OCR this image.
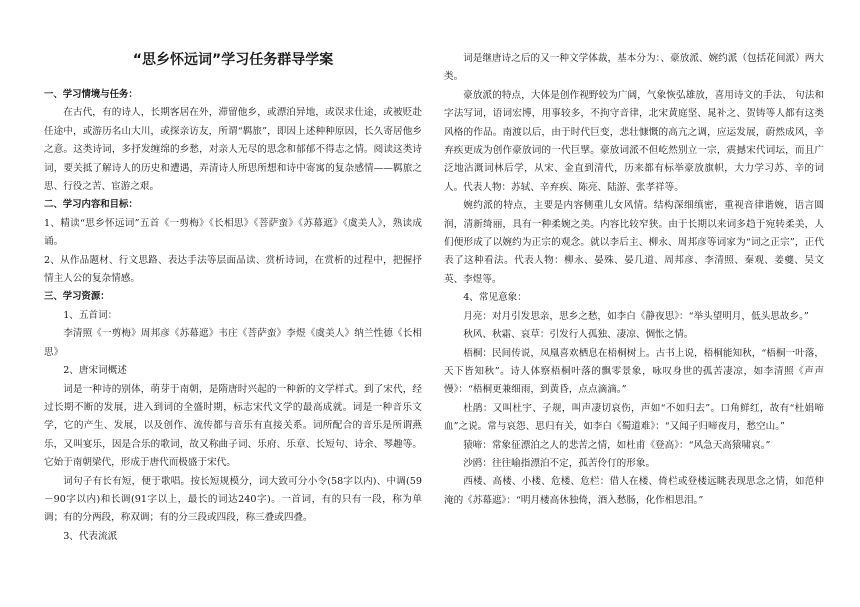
“思乡怀远词”学习任务群导学案

一、学习情境与任务：

在古代，有的诗人，长期客居在外，滞留他乡，或漂泊异地，或误求仕途，或被贬赴任途中，或游历名山大川，或探亲访友，所谓“羁旅”，即因上述种种原因，长久寄居他乡之意。这类诗词，多抒发缠绵的乡愁，对亲人无尽的思念和郁郁不得志之情。阅读这类诗词，要关抵了解诗人的历史和遭遇，弄清诗人所思所想和诗中寄寓的复杂感情——羁旅之思、行役之苦、宦游之艰。

二、学习内容和目标：

1、精读“思乡怀远词”五首《一剪梅》《长相思》《菩萨蛮》《苏幕遮》《虞美人》，熟读成诵。

2、从作品题材、行文思路、表达手法等层面品读、赏析诗词，在赏析的过程中，把握抒情主人公的复杂情感。

三、学习资源：

1、五首词：

李清照《一剪梅》周邦彦《苏幕遮》韦庄《菩萨蛮》李煜《虞美人》纳兰性德《长相思》

2、唐宋词概述

词是一种诗的别体，萌芽于南朝，是隋唐时兴起的一种新的文学样式。到了宋代，经过长期不断的发展，进入到词的全盛时期，标志宋代文学的最高成就。词是一种音乐文学，它的产生、发展，以及创作、流传都与音乐有直接关系。词所配合的音乐是所谓燕乐，又叫宴乐，因是合乐的歌词，故又称曲子词、乐府、乐章、长短句、诗余、琴趣等。它始于南朝梁代，形成于唐代而极盛于宋代。

词句子有长有短，便于歌唱。按长短规模分，词大致可分小令(58字以内)、中调(59－90字以内)和长调(91字以上，最长的词达240字)。一首词，有的只有一段，称为单调；有的分两段，称双调；有的分三段或四段，称三叠或四叠。

3、代表流派

词是继唐诗之后的又一种文学体裁，基本分为：、豪放派、婉约派（包括花间派）两大类。

豪放派的特点，大体是创作视野较为广阔，气象恢弘雄放，喜用诗文的手法、 句法和字法写词，语词宏博，用事较多，不拘守音律，北宋黄庭坚、晁补之、贺铸等人都有这类风格的作品。南渡以后，由于时代巨变，悲壮慷慨的高亢之调，应运发展，蔚然成风，辛弃疾更成为创作豪放词的一代巨擘。豪放词派不但屹然别立一宗，震撼宋代词坛，而且广泛地沾溉词林后学，从宋、金直到清代，历来都有标举豪放旗帜，大力学习苏、辛的词人。代表人物：苏轼、辛弃疾、陈亮、陆游、张孝祥等。

婉约派的特点，主要是内容侧重儿女风情。结构深细缜密，重视音律谐婉，语言圆润，清新绮丽，具有一种柔婉之美。内容比较窄狭。由于长期以来词多趋于宛转柔美，人们便形成了以婉约为正宗的观念。就以李后主、柳永、周邦彦等词家为“词之正宗”，正代表了这种看法。代表人物：柳永、晏殊、晏几道、周邦彦、李清照、秦观、姜夔、吴文英、李煜等。

4、常见意象：

月亮：对月引发思亲，思乡之愁，如李白《静夜思》：“举头望明月，低头思故乡。”

秋风、秋霜、哀草：引发行人孤独、凄凉、惆怅之情。

梧桐：民间传说，凤凰喜欢栖息在梧桐树上。古书上说，梧桐能知秋，“梧桐一叶落，天下皆知秋”。诗人体察梧桐叶落的飘零景象，咏叹身世的孤苦凄凉，如李清照《声声慢》：“梧桐更兼细雨，到黄昏，点点滴滴。”

杜鹃：又叫杜宇、子规，叫声凄切哀伤，声如“不如归去”。口角鲜红，故有“杜娟啼血”之说。常与哀怨、思归有关，如李白《蜀道难》：“又闻子归啼夜月，愁空山。”

猿啼：常象征漂泊之人的悲苦之情，如杜甫《登高》：“风急天高猿啸哀。”

沙鸥：往往喻指漂泊不定，孤苦伶仃的形象。

西楼、高楼、小楼、危楼、危栏：借人在楼、倚栏或登楼远眺表现思念之情，如范仲淹的《苏幕遮》：“明月楼高休独倚，酒入愁肠，化作相思泪。”
